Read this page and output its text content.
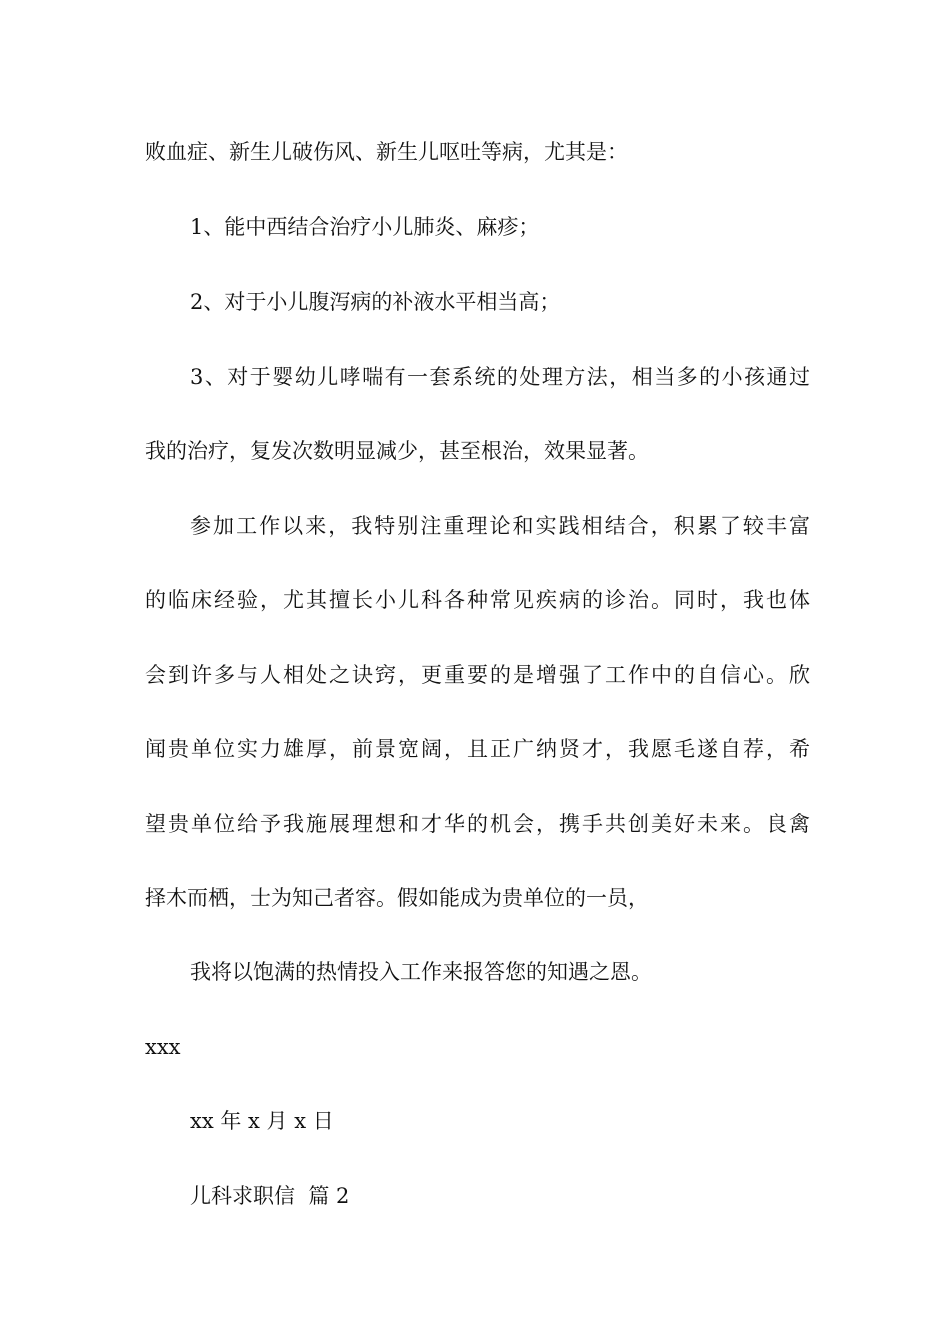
败血症、新生儿破伤风、新生儿呕吐等病，尤其是：

1、能中西结合治疗小儿肺炎、麻疹；

2、对于小儿腹泻病的补液水平相当高；

3、对于婴幼儿哮喘有一套系统的处理方法，相当多的小孩通过

我的治疗，复发次数明显减少，甚至根治，效果显著。

参加工作以来，我特别注重理论和实践相结合，积累了较丰富

的临床经验，尤其擅长小儿科各种常见疾病的诊治。同时，我也体

会到许多与人相处之诀窍，更重要的是增强了工作中的自信心。欣

闻贵单位实力雄厚，前景宽阔，且正广纳贤才，我愿毛遂自荐，希

望贵单位给予我施展理想和才华的机会，携手共创美好未来。良禽

择木而栖，士为知己者容。假如能成为贵单位的一员，

我将以饱满的热情投入工作来报答您的知遇之恩。

xxx

xx 年 x 月 x 日

儿科求职信  篇 2
